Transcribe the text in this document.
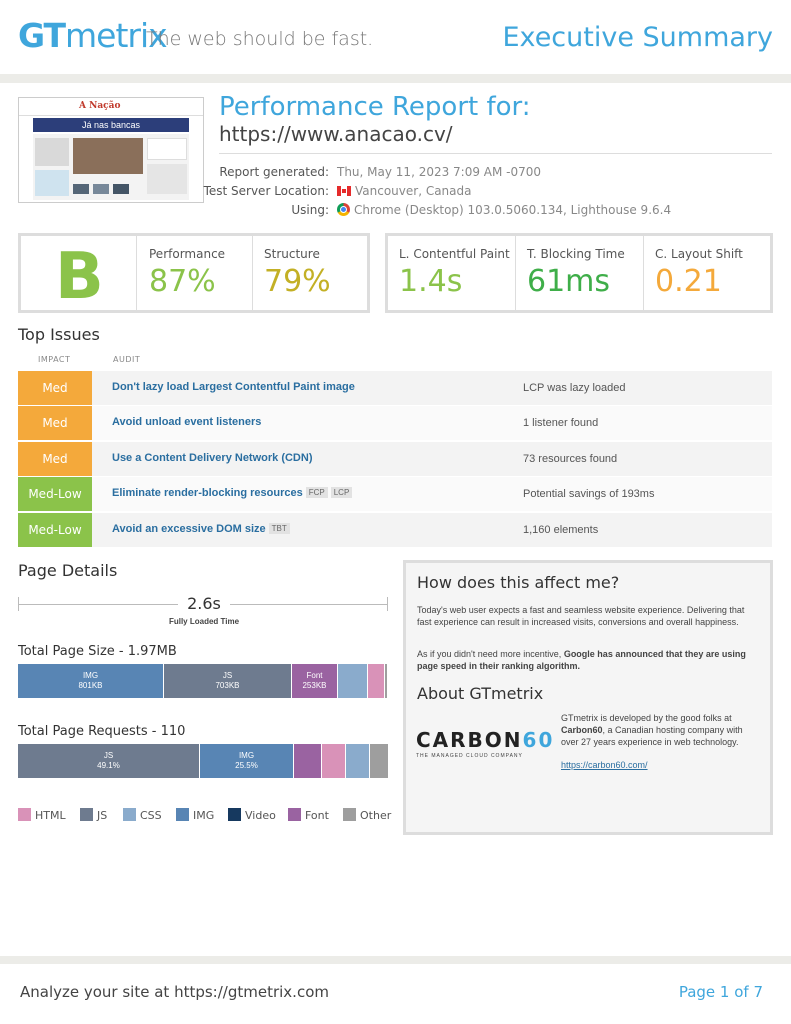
GTmetrix
The web should be fast.	Executive Summary
A Nação
Já nas bancas
Performance Report for:
https://www.anacao.cv/
Report generated: Thu, May 11, 2023 7:09 AM -0700
Test Server Location:	Vancouver, Canada
Using:	Chrome (Desktop) 103.0.5060.134, Lighthouse 9.6.4
B	Performance
87%
Structure
79%
L. Contentful Paint
1.4s
T. Blocking Time
61ms
C. Layout Shift
0.21
Top Issues
IMPACT	AUDIT
Med	Don't lazy load Largest Contentful Paint image	LCP was lazy loaded
Med	Avoid unload event listeners	1 listener found
Med	Use a Content Delivery Network (CDN)	73 resources found
Med-Low	Eliminate render-blocking resources FCP LCP	Potential savings of 193ms
Med-Low	Avoid an excessive DOM size TBT	1,160 elements
Page Details
2.6s
Fully Loaded Time
Total Page Size - 1.97MB
IMG
801KB
JS
703KB
Font
253KB
Total Page Requests - 110
JS
49.1%
IMG
25.5%
HTML	JS	CSS	IMG	Video	Font	Other
How does this affect me?
Today's web user expects a fast and seamless website experience. Delivering that fast experience can result in increased visits, conversions and overall happiness.
As if you didn't need more incentive, Google has announced that they are using page speed in their ranking algorithm.
About GTmetrix
CARBON60
THE MANAGED CLOUD COMPANY
GTmetrix is developed by the good folks at Carbon60, a Canadian hosting company with over 27 years experience in web technology.
https://carbon60.com/
Analyze your site at https://gtmetrix.com	Page 1 of 7
